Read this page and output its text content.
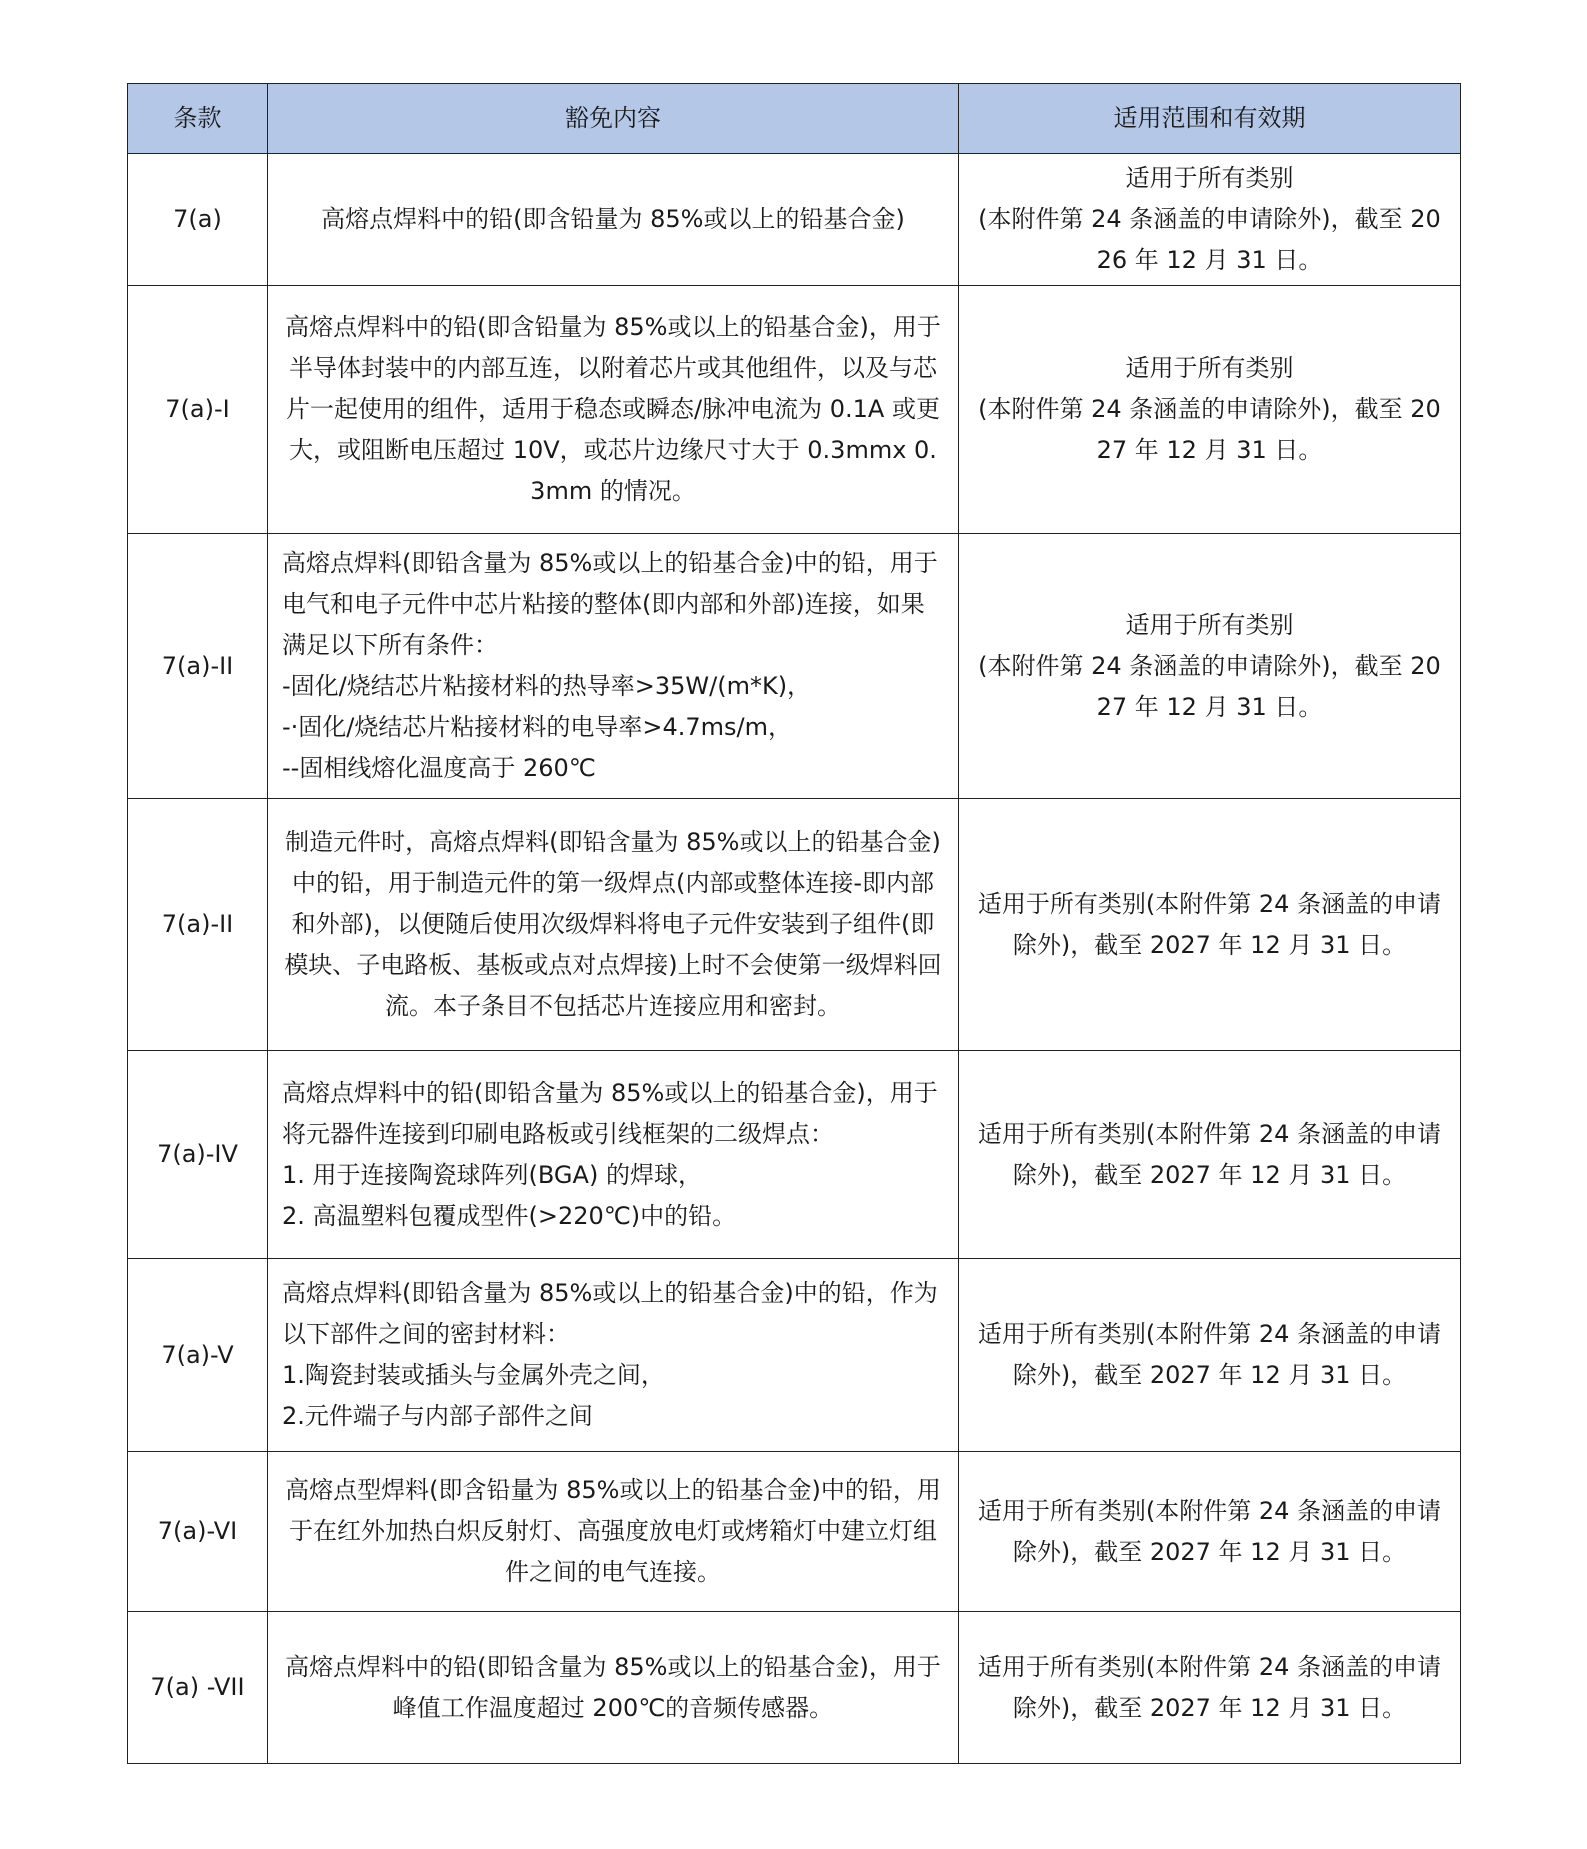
条款	豁免内容	适用范围和有效期
7(a)	高熔点焊料中的铅(即含铅量为 85%或以上的铅基合金)	适用于所有类别
(本附件第 24 条涵盖的申请除外)，截至 2026 年 12 月 31 日。

7(a)-I	高熔点焊料中的铅(即含铅量为 85%或以上的铅基合金)，用于半导体封装中的内部互连，以附着芯片或其他组件，以及与芯片一起使用的组件，适用于稳态或瞬态/脉冲电流为 0.1A 或更大，或阻断电压超过 10V，或芯片边缘尺寸大于 0.3mmx 0.3mm 的情况。	适用于所有类别
(本附件第 24 条涵盖的申请除外)，截至 2027 年 12 月 31 日。

7(a)-II	高熔点焊料(即铅含量为 85%或以上的铅基合金)中的铅，用于电气和电子元件中芯片粘接的整体(即内部和外部)连接，如果满足以下所有条件：
-固化/烧结芯片粘接材料的热导率>35W/(m*K)，
-·固化/烧结芯片粘接材料的电导率>4.7ms/m，
--固相线熔化温度高于 260℃	适用于所有类别
(本附件第 24 条涵盖的申请除外)，截至 2027 年 12 月 31 日。

7(a)-II	制造元件时，高熔点焊料(即铅含量为 85%或以上的铅基合金)中的铅，用于制造元件的第一级焊点(内部或整体连接-即内部和外部)，以便随后使用次级焊料将电子元件安装到子组件(即模块、子电路板、基板或点对点焊接)上时不会使第一级焊料回流。本子条目不包括芯片连接应用和密封。	适用于所有类别(本附件第 24 条涵盖的申请除外)，截至 2027 年 12 月 31 日。

7(a)-IV	高熔点焊料中的铅(即铅含量为 85%或以上的铅基合金)，用于将元器件连接到印刷电路板或引线框架的二级焊点：
1. 用于连接陶瓷球阵列(BGA) 的焊球，
2. 高温塑料包覆成型件(>220℃)中的铅。	适用于所有类别(本附件第 24 条涵盖的申请除外)，截至 2027 年 12 月 31 日。

7(a)-V	高熔点焊料(即铅含量为 85%或以上的铅基合金)中的铅，作为以下部件之间的密封材料：
1.陶瓷封装或插头与金属外壳之间，
2.元件端子与内部子部件之间	适用于所有类别(本附件第 24 条涵盖的申请除外)，截至 2027 年 12 月 31 日。

7(a)-VI	高熔点型焊料(即含铅量为 85%或以上的铅基合金)中的铅，用于在红外加热白炽反射灯、高强度放电灯或烤箱灯中建立灯组件之间的电气连接。	适用于所有类别(本附件第 24 条涵盖的申请除外)，截至 2027 年 12 月 31 日。

7(a) -VII	高熔点焊料中的铅(即铅含量为 85%或以上的铅基合金)，用于峰值工作温度超过 200℃的音频传感器。	适用于所有类别(本附件第 24 条涵盖的申请除外)，截至 2027 年 12 月 31 日。
